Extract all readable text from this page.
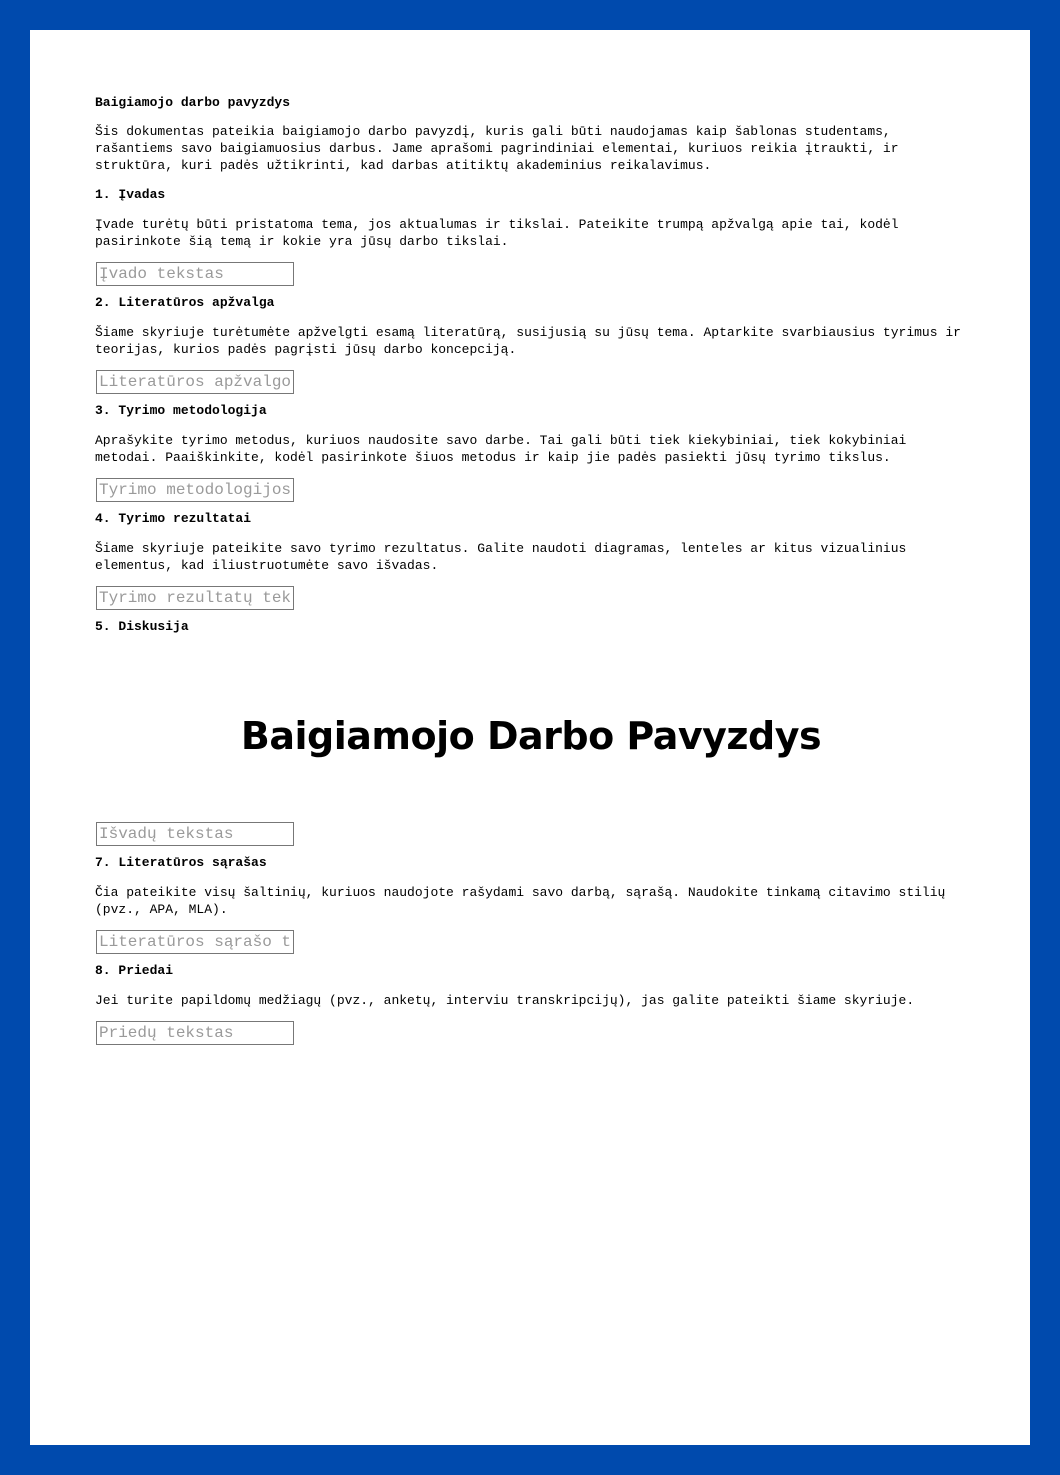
Baigiamojo darbo pavyzdys

Šis dokumentas pateikia baigiamojo darbo pavyzdį, kuris gali būti naudojamas kaip šablonas studentams, rašantiems savo baigiamuosius darbus. Jame aprašomi pagrindiniai elementai, kuriuos reikia įtraukti, ir struktūra, kuri padės užtikrinti, kad darbas atitiktų akademinius reikalavimus.

1. Įvadas

Įvade turėtų būti pristatoma tema, jos aktualumas ir tikslai. Pateikite trumpą apžvalgą apie tai, kodėl pasirinkote šią temą ir kokie yra jūsų darbo tikslai.

Įvado tekstas
2. Literatūros apžvalga

Šiame skyriuje turėtumėte apžvelgti esamą literatūrą, susijusią su jūsų tema. Aptarkite svarbiausius tyrimus ir teorijas, kurios padės pagrįsti jūsų darbo koncepciją.

Literatūros apžvalgos tekstas
3. Tyrimo metodologija

Aprašykite tyrimo metodus, kuriuos naudosite savo darbe. Tai gali būti tiek kiekybiniai, tiek kokybiniai metodai. Paaiškinkite, kodėl pasirinkote šiuos metodus ir kaip jie padės pasiekti jūsų tyrimo tikslus.

Tyrimo metodologijos tekstas
4. Tyrimo rezultatai

Šiame skyriuje pateikite savo tyrimo rezultatus. Galite naudoti diagramas, lenteles ar kitus vizualinius elementus, kad iliustruotumėte savo išvadas.

Tyrimo rezultatų tekstas
5. Diskusija
Baigiamojo Darbo Pavyzdys
Išvadų tekstas
7. Literatūros sąrašas

Čia pateikite visų šaltinių, kuriuos naudojote rašydami savo darbą, sąrašą. Naudokite tinkamą citavimo stilių (pvz., APA, MLA).

Literatūros sąrašo tekstas
8. Priedai

Jei turite papildomų medžiagų (pvz., anketų, interviu transkripcijų), jas galite pateikti šiame skyriuje.

Priedų tekstas
